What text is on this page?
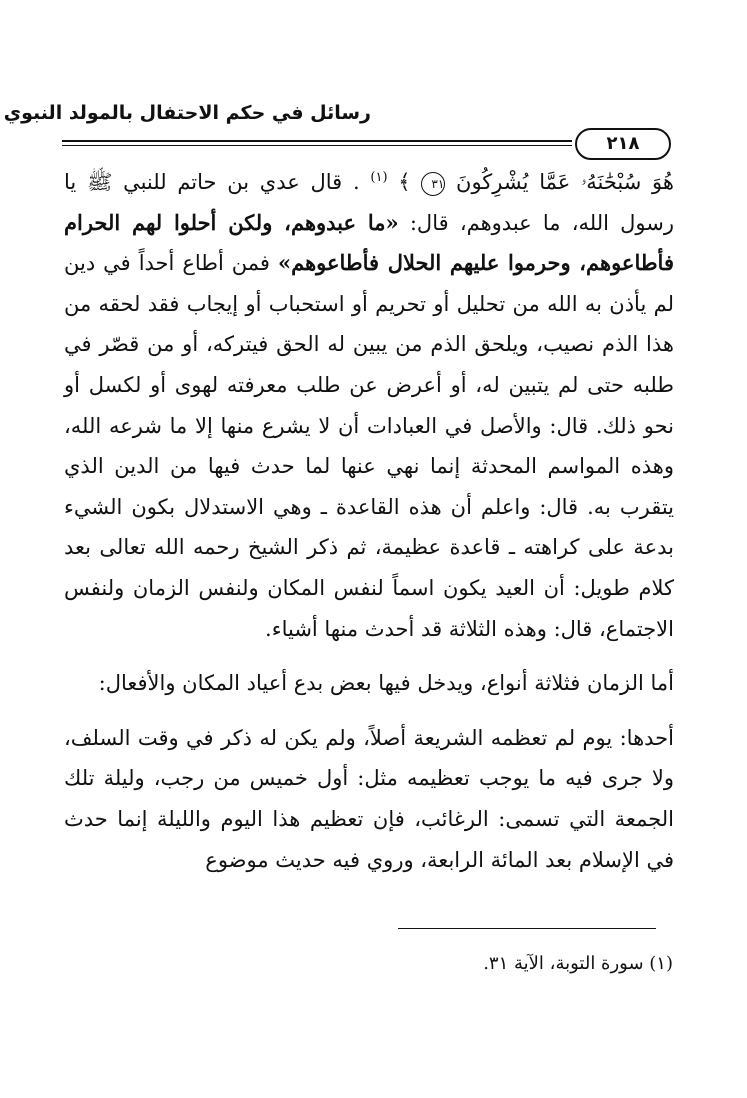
رسائل في حكم الاحتفال بالمولد النبوي
٢١٨

هُوَ سُبْحَٰنَهُۥ عَمَّا يُشْرِكُونَ ٣١ ﴾ $^{(١)}$ . قال عدي بن حاتم للنبي ﷺ يا رسول الله، ما عبدوهم، قال: «ما عبدوهم، ولكن أحلوا لهم الحرام فأطاعوهم، وحرموا عليهم الحلال فأطاعوهم» فمن أطاع أحداً في دين لم يأذن به الله من تحليل أو تحريم أو استحباب أو إيجاب فقد لحقه من هذا الذم نصيب، ويلحق الذم من يبين له الحق فيتركه، أو من قصّر في طلبه حتى لم يتبين له، أو أعرض عن طلب معرفته لهوى أو لكسل أو نحو ذلك. قال: والأصل في العبادات أن لا يشرع منها إلا ما شرعه الله، وهذه المواسم المحدثة إنما نهي عنها لما حدث فيها من الدين الذي يتقرب به. قال: واعلم أن هذه القاعدة ـ وهي الاستدلال بكون الشيء بدعة على كراهته ـ قاعدة عظيمة، ثم ذكر الشيخ رحمه الله تعالى بعد كلام طويل: أن العيد يكون اسماً لنفس المكان ولنفس الزمان ولنفس الاجتماع، قال: وهذه الثلاثة قد أحدث منها أشياء.

أما الزمان فثلاثة أنواع، ويدخل فيها بعض بدع أعياد المكان والأفعال:

أحدها: يوم لم تعظمه الشريعة أصلاً، ولم يكن له ذكر في وقت السلف، ولا جرى فيه ما يوجب تعظيمه مثل: أول خميس من رجب، وليلة تلك الجمعة التي تسمى: الرغائب، فإن تعظيم هذا اليوم والليلة إنما حدث في الإسلام بعد المائة الرابعة، وروي فيه حديث موضوع

(١) سورة التوبة، الآية ٣١.
